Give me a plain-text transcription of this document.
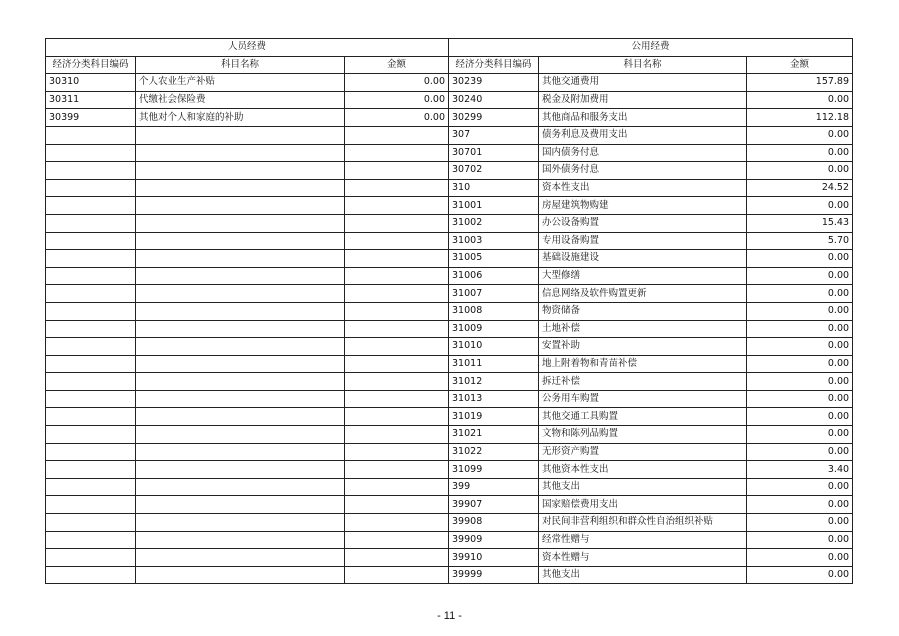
人员经费			公用经费		
经济分类科目编码	科目名称	金额	经济分类科目编码	科目名称	金额
30310	个人农业生产补贴	0.00	30239	其他交通费用	157.89
30311	代缴社会保险费	0.00	30240	税金及附加费用	0.00
30399	其他对个人和家庭的补助	0.00	30299	其他商品和服务支出	112.18
			307	债务利息及费用支出	0.00
			30701	国内债务付息	0.00
			30702	国外债务付息	0.00
			310	资本性支出	24.52
			31001	房屋建筑物购建	0.00
			31002	办公设备购置	15.43
			31003	专用设备购置	5.70
			31005	基础设施建设	0.00
			31006	大型修缮	0.00
			31007	信息网络及软件购置更新	0.00
			31008	物资储备	0.00
			31009	土地补偿	0.00
			31010	安置补助	0.00
			31011	地上附着物和青苗补偿	0.00
			31012	拆迁补偿	0.00
			31013	公务用车购置	0.00
			31019	其他交通工具购置	0.00
			31021	文物和陈列品购置	0.00
			31022	无形资产购置	0.00
			31099	其他资本性支出	3.40
			399	其他支出	0.00
			39907	国家赔偿费用支出	0.00
			39908	对民间非营利组织和群众性自治组织补贴	0.00
			39909	经常性赠与	0.00
			39910	资本性赠与	0.00
			39999	其他支出	0.00
- 11 -
